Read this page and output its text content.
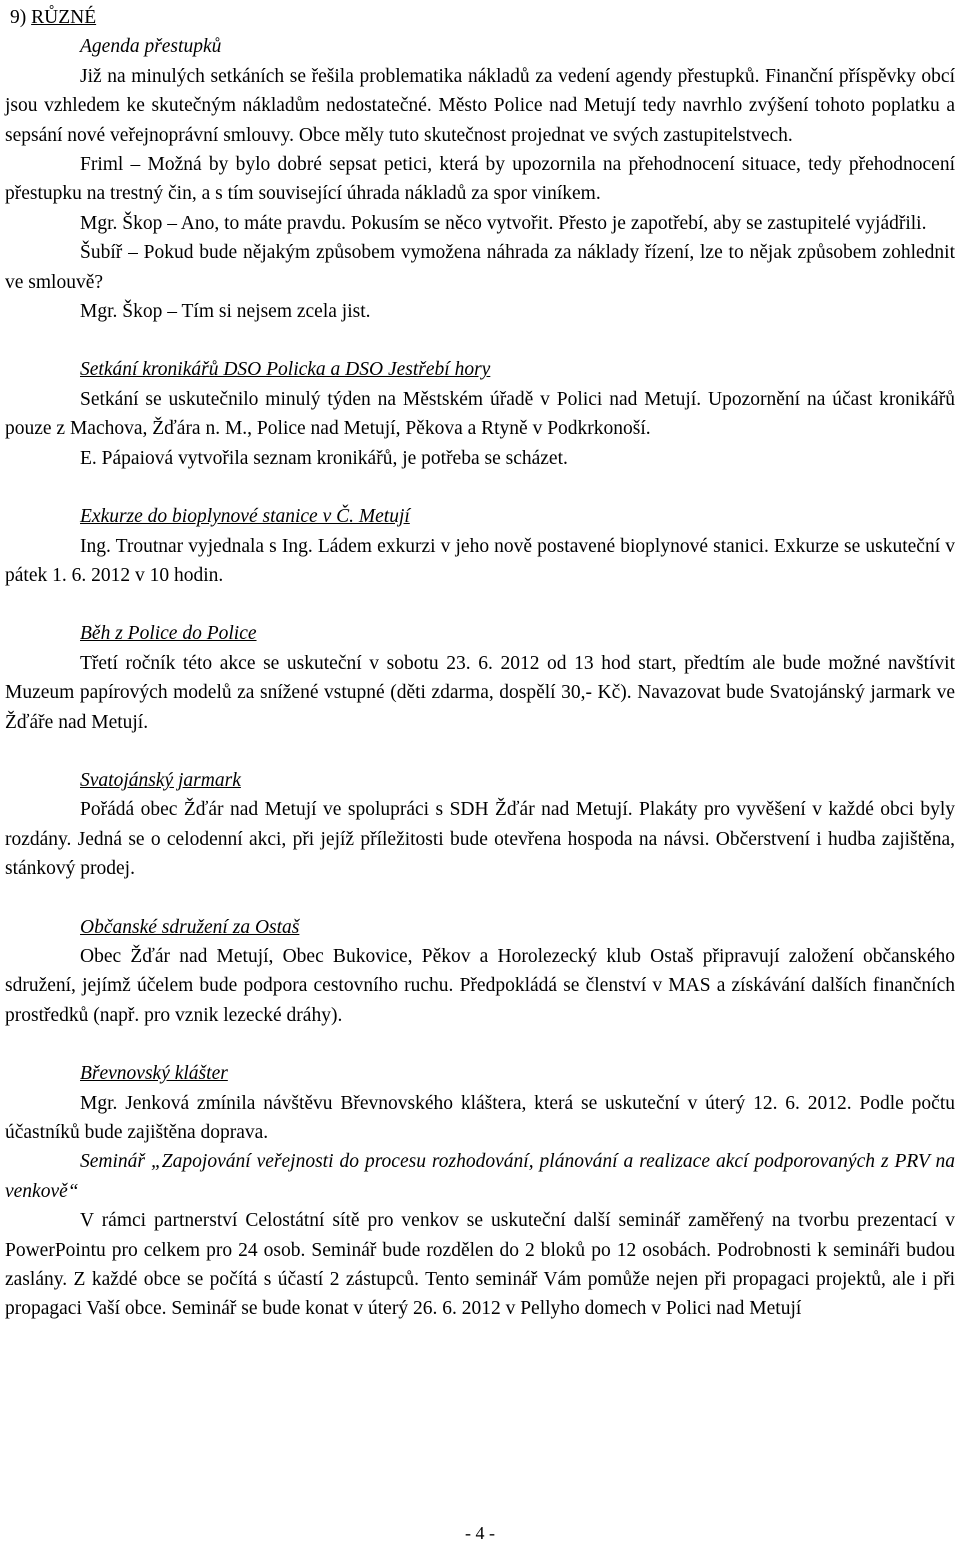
9) RŮZNÉ
Agenda přestupků

Již na minulých setkáních se řešila problematika nákladů za vedení agendy přestupků. Finanční příspěvky obcí jsou vzhledem ke skutečným nákladům nedostatečné. Město Police nad Metují tedy navrhlo zvýšení tohoto poplatku a sepsání nové veřejnoprávní smlouvy. Obce měly tuto skutečnost projednat ve svých zastupitelstvech.

Friml – Možná by bylo dobré sepsat petici, která by upozornila na přehodnocení situace, tedy přehodnocení přestupku na trestný čin, a s tím související úhrada nákladů za spor viníkem.

Mgr. Škop – Ano, to máte pravdu. Pokusím se něco vytvořit. Přesto je zapotřebí, aby se zastupitelé vyjádřili.

Šubíř – Pokud bude nějakým způsobem vymožena náhrada za náklady řízení, lze to nějak způsobem zohlednit ve smlouvě?

Mgr. Škop – Tím si nejsem zcela jist.

Setkání kronikářů DSO Policka a DSO Jestřebí hory

Setkání se uskutečnilo minulý týden na Městském úřadě v Polici nad Metují. Upozornění na účast kronikářů pouze z Machova, Žďára n. M., Police nad Metují, Pěkova a Rtyně v Podkrkonoší.

E. Pápaiová vytvořila seznam kronikářů, je potřeba se scházet.

Exkurze do bioplynové stanice v Č. Metují

Ing. Troutnar vyjednala s Ing. Ládem exkurzi v jeho nově postavené bioplynové stanici. Exkurze se uskuteční v pátek 1. 6. 2012 v 10 hodin.

Běh z Police do Police

Třetí ročník této akce se uskuteční v sobotu 23. 6. 2012 od 13 hod start, předtím ale bude možné navštívit Muzeum papírových modelů za snížené vstupné (děti zdarma, dospělí 30,- Kč). Navazovat bude Svatojánský jarmark ve Žďáře nad Metují.

Svatojánský jarmark

Pořádá obec Žďár nad Metují ve spolupráci s SDH Žďár nad Metují. Plakáty pro vyvěšení v každé obci byly rozdány. Jedná se o celodenní akci, při jejíž příležitosti bude otevřena hospoda na návsi. Občerstvení i hudba zajištěna, stánkový prodej.

Občanské sdružení za Ostaš

Obec Žďár nad Metují, Obec Bukovice, Pěkov a Horolezecký klub Ostaš připravují založení občanského sdružení, jejímž účelem bude podpora cestovního ruchu. Předpokládá se členství v MAS a získávání dalších finančních prostředků (např. pro vznik lezecké dráhy).

Břevnovský klášter

Mgr. Jenková zmínila návštěvu Břevnovského kláštera, která se uskuteční v úterý 12. 6. 2012. Podle počtu účastníků bude zajištěna doprava.

Seminář „Zapojování veřejnosti do procesu rozhodování, plánování a realizace akcí podporovaných z PRV na venkově“

V rámci partnerství Celostátní sítě pro venkov se uskuteční další seminář zaměřený na tvorbu prezentací v PowerPointu pro celkem pro 24 osob. Seminář bude rozdělen do 2 bloků po 12 osobách. Podrobnosti k semináři budou zaslány. Z každé obce se počítá s účastí 2 zástupců. Tento seminář Vám pomůže nejen při propagaci projektů, ale i při propagaci Vaší obce. Seminář se bude konat v úterý 26. 6. 2012 v Pellyho domech v Polici nad Metují

- 4 -
